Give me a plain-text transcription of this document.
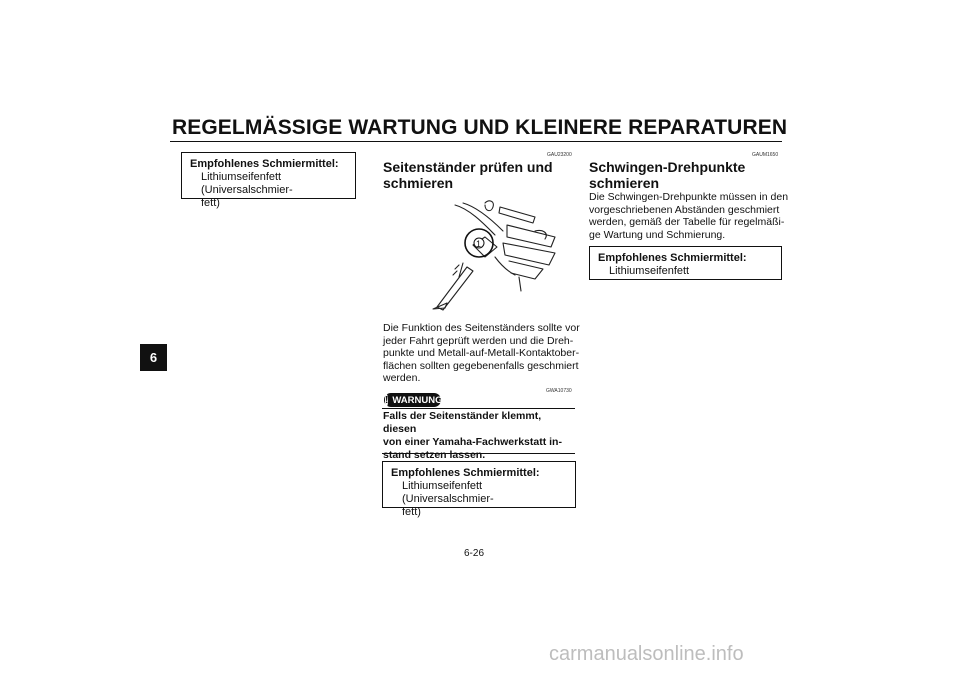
REGELMÄSSIGE WARTUNG UND KLEINERE REPARATUREN
6
Empfohlenes Schmiermittel:
Lithiumseifenfett (Universalschmier-
fett)
GAU23200
Seitenständer prüfen und
schmieren
1

Die Funktion des Seitenständers sollte vor
jeder Fahrt geprüft werden und die Dreh-
punkte und Metall-auf-Metall-Kontaktober-
flächen sollten gegebenenfalls geschmiert
werden.

GWA10730
! WARNUNG

Falls der Seitenständer klemmt, diesen
von einer Yamaha-Fachwerkstatt in-
stand setzen lassen.

Empfohlenes Schmiermittel:
Lithiumseifenfett (Universalschmier-
fett)
GAUM1650
Schwingen-Drehpunkte
schmieren

Die Schwingen-Drehpunkte müssen in den
vorgeschriebenen Abständen geschmiert
werden, gemäß der Tabelle für regelmäßi-
ge Wartung und Schmierung.

Empfohlenes Schmiermittel:
Lithiumseifenfett
6-26
carmanualsonline.info
